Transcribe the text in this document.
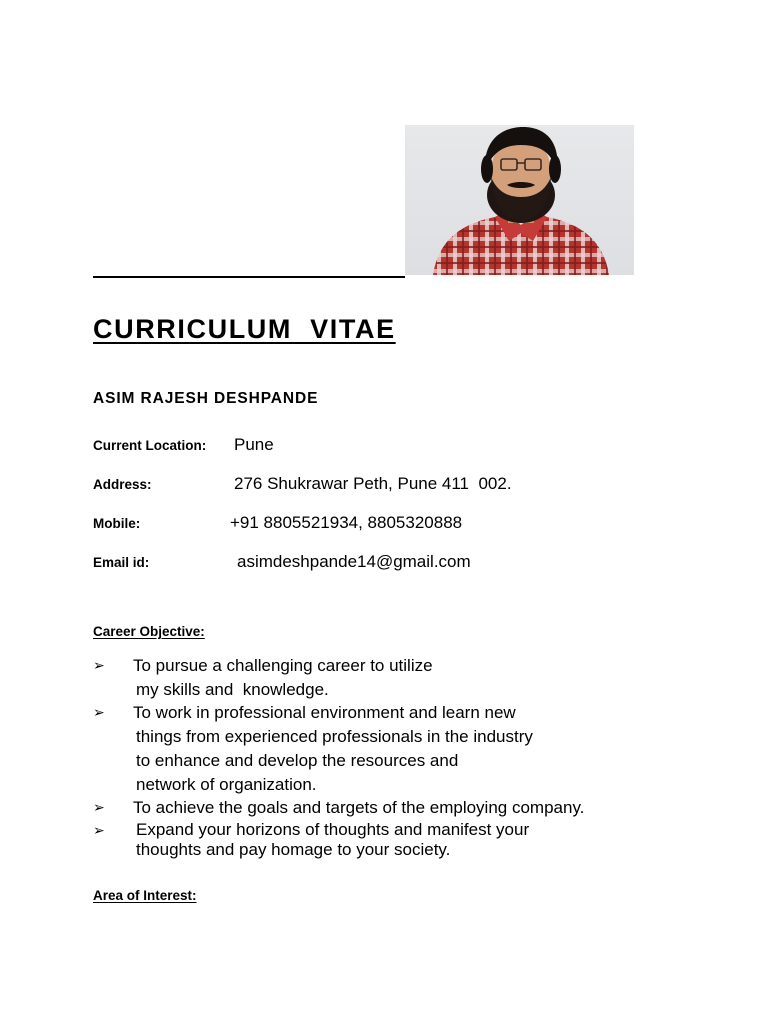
CURRICULUM  VITAE
ASIM RAJESH DESHPANDE
Current Location: Pune
Address:	276 Shukrawar Peth, Pune 411  002.
Mobile:	+91 8805521934, 8805320888
Email id:	asimdeshpande14@gmail.com
Career Objective:
➢ To pursue a challenging career to utilize
my skills and  knowledge.
➢ To work in professional environment and learn new
things from experienced professionals in the industry
to enhance and develop the resources and
network of organization.
➢ To achieve the goals and targets of the employing company.
➢ Expand your horizons of thoughts and manifest your
thoughts and pay homage to your society.
Area of Interest:
